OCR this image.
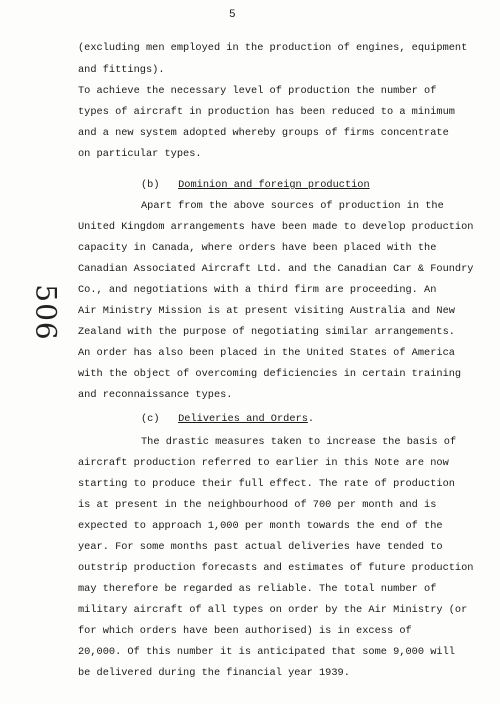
5
506
(excluding men employed in the production of engines, equipment
and fittings).
To achieve the necessary level of production the number of
types of aircraft in production has been reduced to a minimum
and a new system adopted whereby groups of firms concentrate
on particular types.
(b) Dominion and foreign production
Apart from the above sources of production in the
United Kingdom arrangements have been made to develop production
capacity in Canada, where orders have been placed with the
Canadian Associated Aircraft Ltd. and the Canadian Car & Foundry
Co., and negotiations with a third firm are proceeding. An
Air Ministry Mission is at present visiting Australia and New
Zealand with the purpose of negotiating similar arrangements.
An order has also been placed in the United States of America
with the object of overcoming deficiencies in certain training
and reconnaissance types.
(c) Deliveries and Orders.
The drastic measures taken to increase the basis of
aircraft production referred to earlier in this Note are now
starting to produce their full effect. The rate of production
is at present in the neighbourhood of 700 per month and is
expected to approach 1,000 per month towards the end of the
year. For some months past actual deliveries have tended to
outstrip production forecasts and estimates of future production
may therefore be regarded as reliable. The total number of
military aircraft of all types on order by the Air Ministry (or
for which orders have been authorised) is in excess of
20,000. Of this number it is anticipated that some 9,000 will
be delivered during the financial year 1939.
